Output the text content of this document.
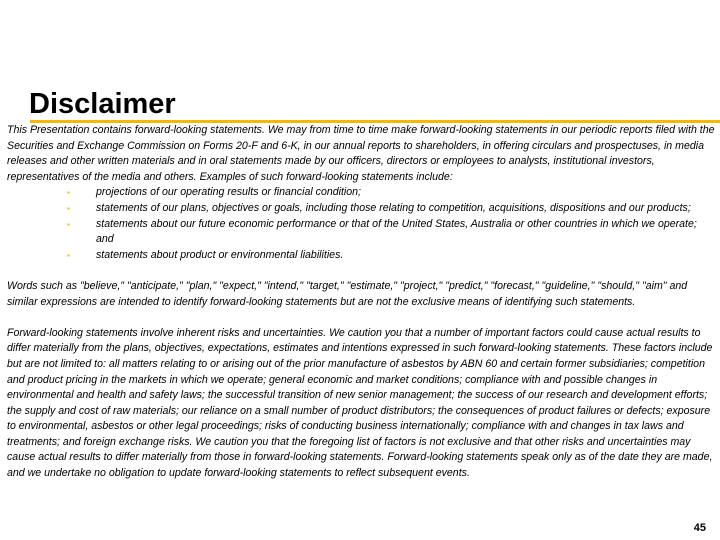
Disclaimer

This Presentation contains forward-looking statements. We may from time to time make forward-looking statements in our periodic reports filed with the Securities and Exchange Commission on Forms 20-F and 6-K, in our annual reports to shareholders, in offering circulars and prospectuses, in media releases and other written materials and in oral statements made by our officers, directors or employees to analysts, institutional investors, representatives of the media and others. Examples of such forward-looking statements include:

▪ projections of our operating results or financial condition;
▪ statements of our plans, objectives or goals, including those relating to competition, acquisitions, dispositions and our products;
▪ statements about our future economic performance or that of the United States, Australia or other countries in which we operate; and
▪ statements about product or environmental liabilities.

Words such as "believe," "anticipate," "plan," "expect," "intend," "target," "estimate," "project," "predict," "forecast," "guideline," "should," "aim" and similar expressions are intended to identify forward-looking statements but are not the exclusive means of identifying such statements.

Forward-looking statements involve inherent risks and uncertainties. We caution you that a number of important factors could cause actual results to differ materially from the plans, objectives, expectations, estimates and intentions expressed in such forward-looking statements. These factors include but are not limited to: all matters relating to or arising out of the prior manufacture of asbestos by ABN 60 and certain former subsidiaries; competition and product pricing in the markets in which we operate; general economic and market conditions; compliance with and possible changes in environmental and health and safety laws; the successful transition of new senior management; the success of our research and development efforts; the supply and cost of raw materials; our reliance on a small number of product distributors; the consequences of product failures or defects; exposure to environmental, asbestos or other legal proceedings; risks of conducting business internationally; compliance with and changes in tax laws and treatments; and foreign exchange risks. We caution you that the foregoing list of factors is not exclusive and that other risks and uncertainties may cause actual results to differ materially from those in forward-looking statements. Forward-looking statements speak only as of the date they are made, and we undertake no obligation to update forward-looking statements to reflect subsequent events.

45
